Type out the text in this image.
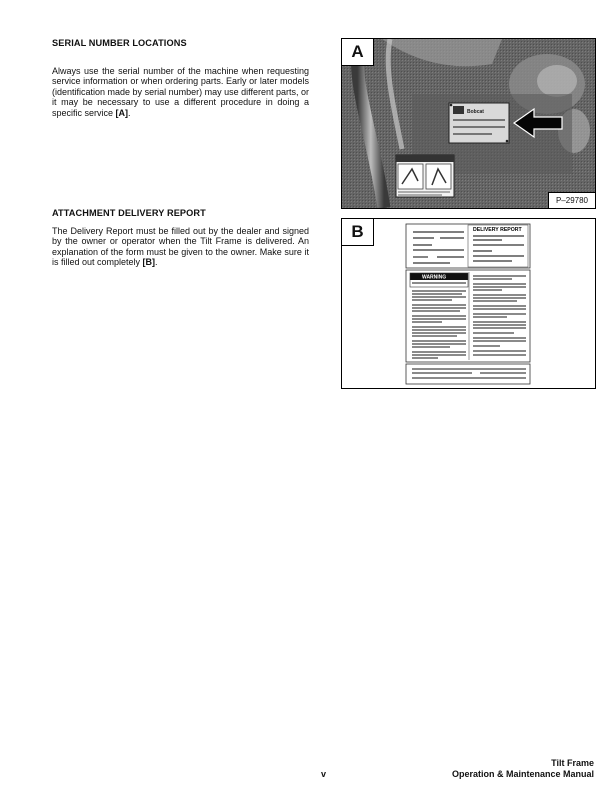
SERIAL NUMBER LOCATIONS

Always use the serial number of the machine when requesting service information or when ordering parts. Early or later models (identification made by serial number) may use different parts, or it may be necessary to use a different procedure in doing a specific service [A].

ATTACHMENT DELIVERY REPORT

The Delivery Report must be filled out by the dealer and signed by the owner or operator when the Tilt Frame is delivered. An explanation of the form must be given to the owner. Make sure it is filled out completely [B].

Bobcat
A
P–29780
B	DELIVERY REPORT
WARNING
v
Tilt Frame
Operation & Maintenance Manual
